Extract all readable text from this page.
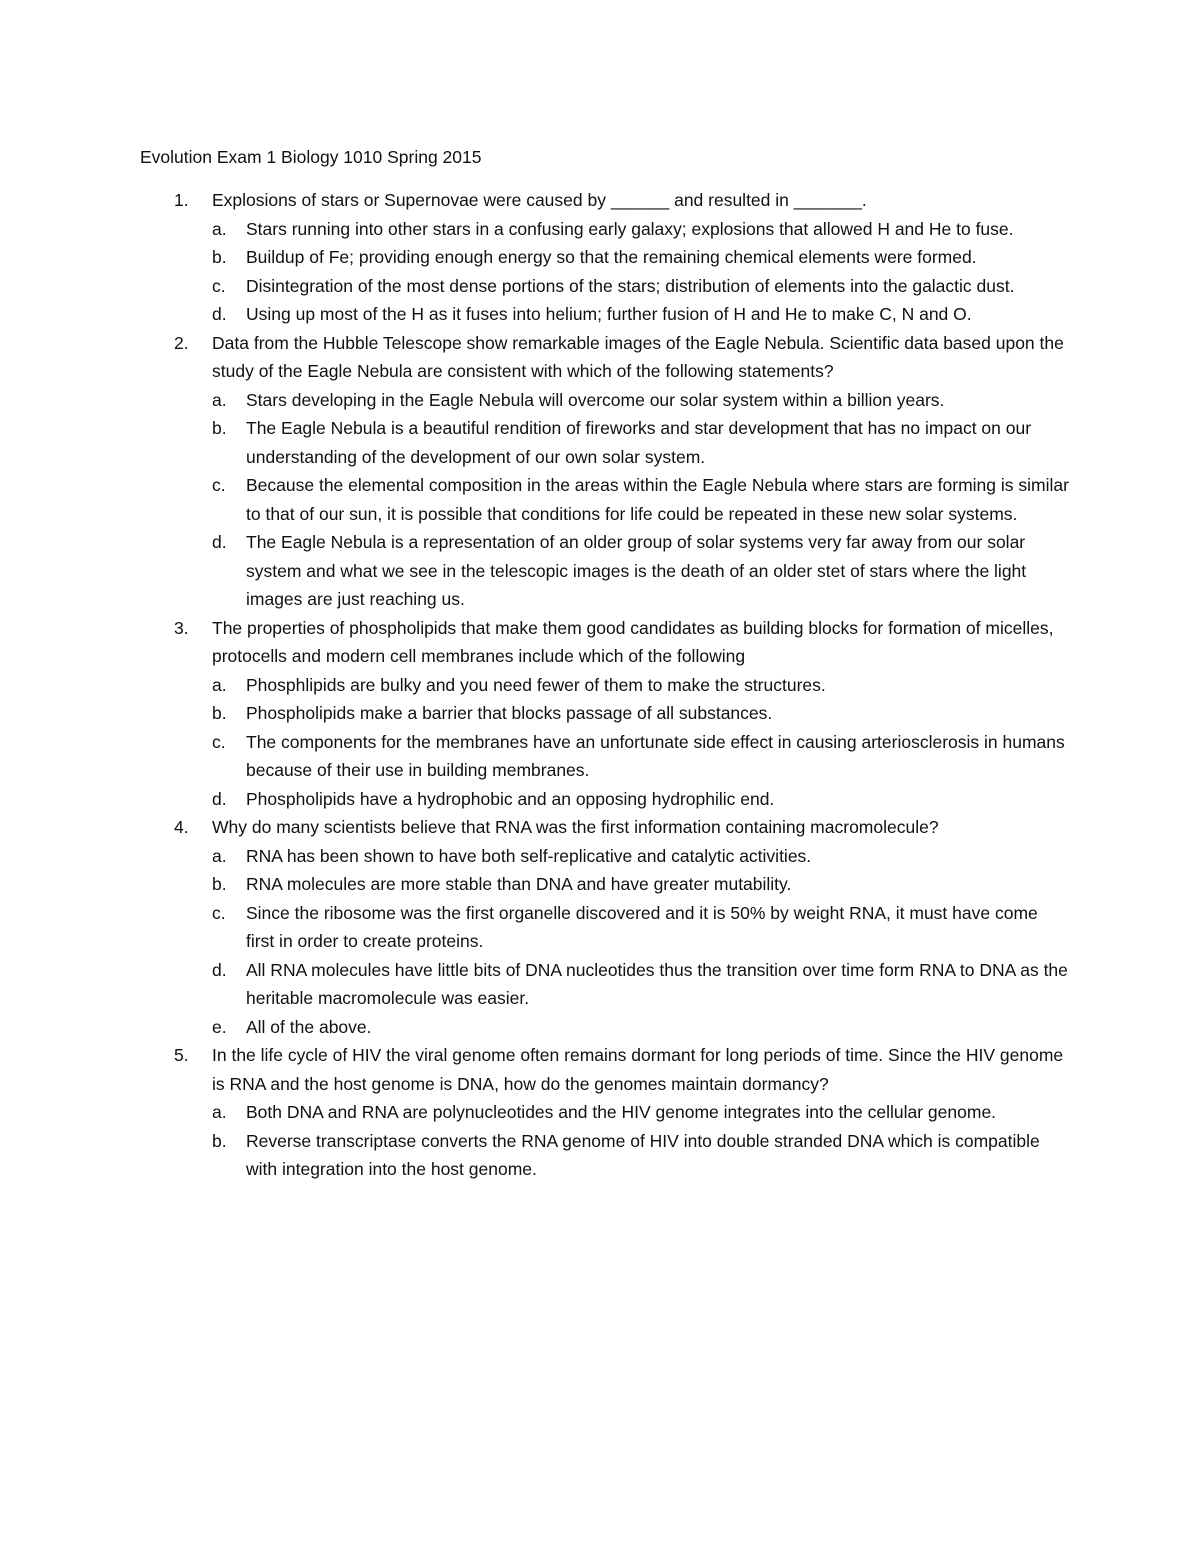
Evolution Exam 1 Biology 1010 Spring 2015
1.	Explosions of stars or Supernovae were caused by ______ and resulted in _______.
a.	Stars running into other stars in a confusing early galaxy; explosions that allowed H and He to fuse.
b.	Buildup of Fe; providing enough energy so that the remaining chemical elements were formed.
c.	Disintegration of the most dense portions of the stars; distribution of elements into the galactic dust.
d.	Using up most of the H as it fuses into helium; further fusion of H and He to make C, N and O.
2.	Data from the Hubble Telescope show remarkable images of the Eagle Nebula. Scientific data based upon the study of the Eagle Nebula are consistent with which of the following statements?
a.	Stars developing in the Eagle Nebula will overcome our solar system within a billion years.
b.	The Eagle Nebula is a beautiful rendition of fireworks and star development that has no impact on our understanding of the development of our own solar system.
c.	Because the elemental composition in the areas within the Eagle Nebula where stars are forming is similar to that of our sun, it is possible that conditions for life could be repeated in these new solar systems.
d.	The Eagle Nebula is a representation of an older group of solar systems very far away from our solar system and what we see in the telescopic images is the death of an older stet of stars where the light images are just reaching us.
3.	The properties of phospholipids that make them good candidates as building blocks for formation of micelles, protocells and modern cell membranes include which of the following
a.	Phosphlipids are bulky and you need fewer of them to make the structures.
b.	Phospholipids make a barrier that blocks passage of all substances.
c.	The components for the membranes have an unfortunate side effect in causing arteriosclerosis in humans because of their use in building membranes.
d.	Phospholipids have a hydrophobic and an opposing hydrophilic end.
4.	Why do many scientists believe that RNA was the first information containing macromolecule?
a.	RNA has been shown to have both self-replicative and catalytic activities.
b.	RNA molecules are more stable than DNA and have greater mutability.
c.	Since the ribosome was the first organelle discovered and it is 50% by weight RNA, it must have come first in order to create proteins.
d.	All RNA molecules have little bits of DNA nucleotides thus the transition over time form RNA to DNA as the heritable macromolecule was easier.
e.	All of the above.
5.	In the life cycle of HIV the viral genome often remains dormant for long periods of time. Since the HIV genome is RNA and the host genome is DNA, how do the genomes maintain dormancy?
a.	Both DNA and RNA are polynucleotides and the HIV genome integrates into the cellular genome.
b.	Reverse transcriptase converts the RNA genome of HIV into double stranded DNA which is compatible with integration into the host genome.
